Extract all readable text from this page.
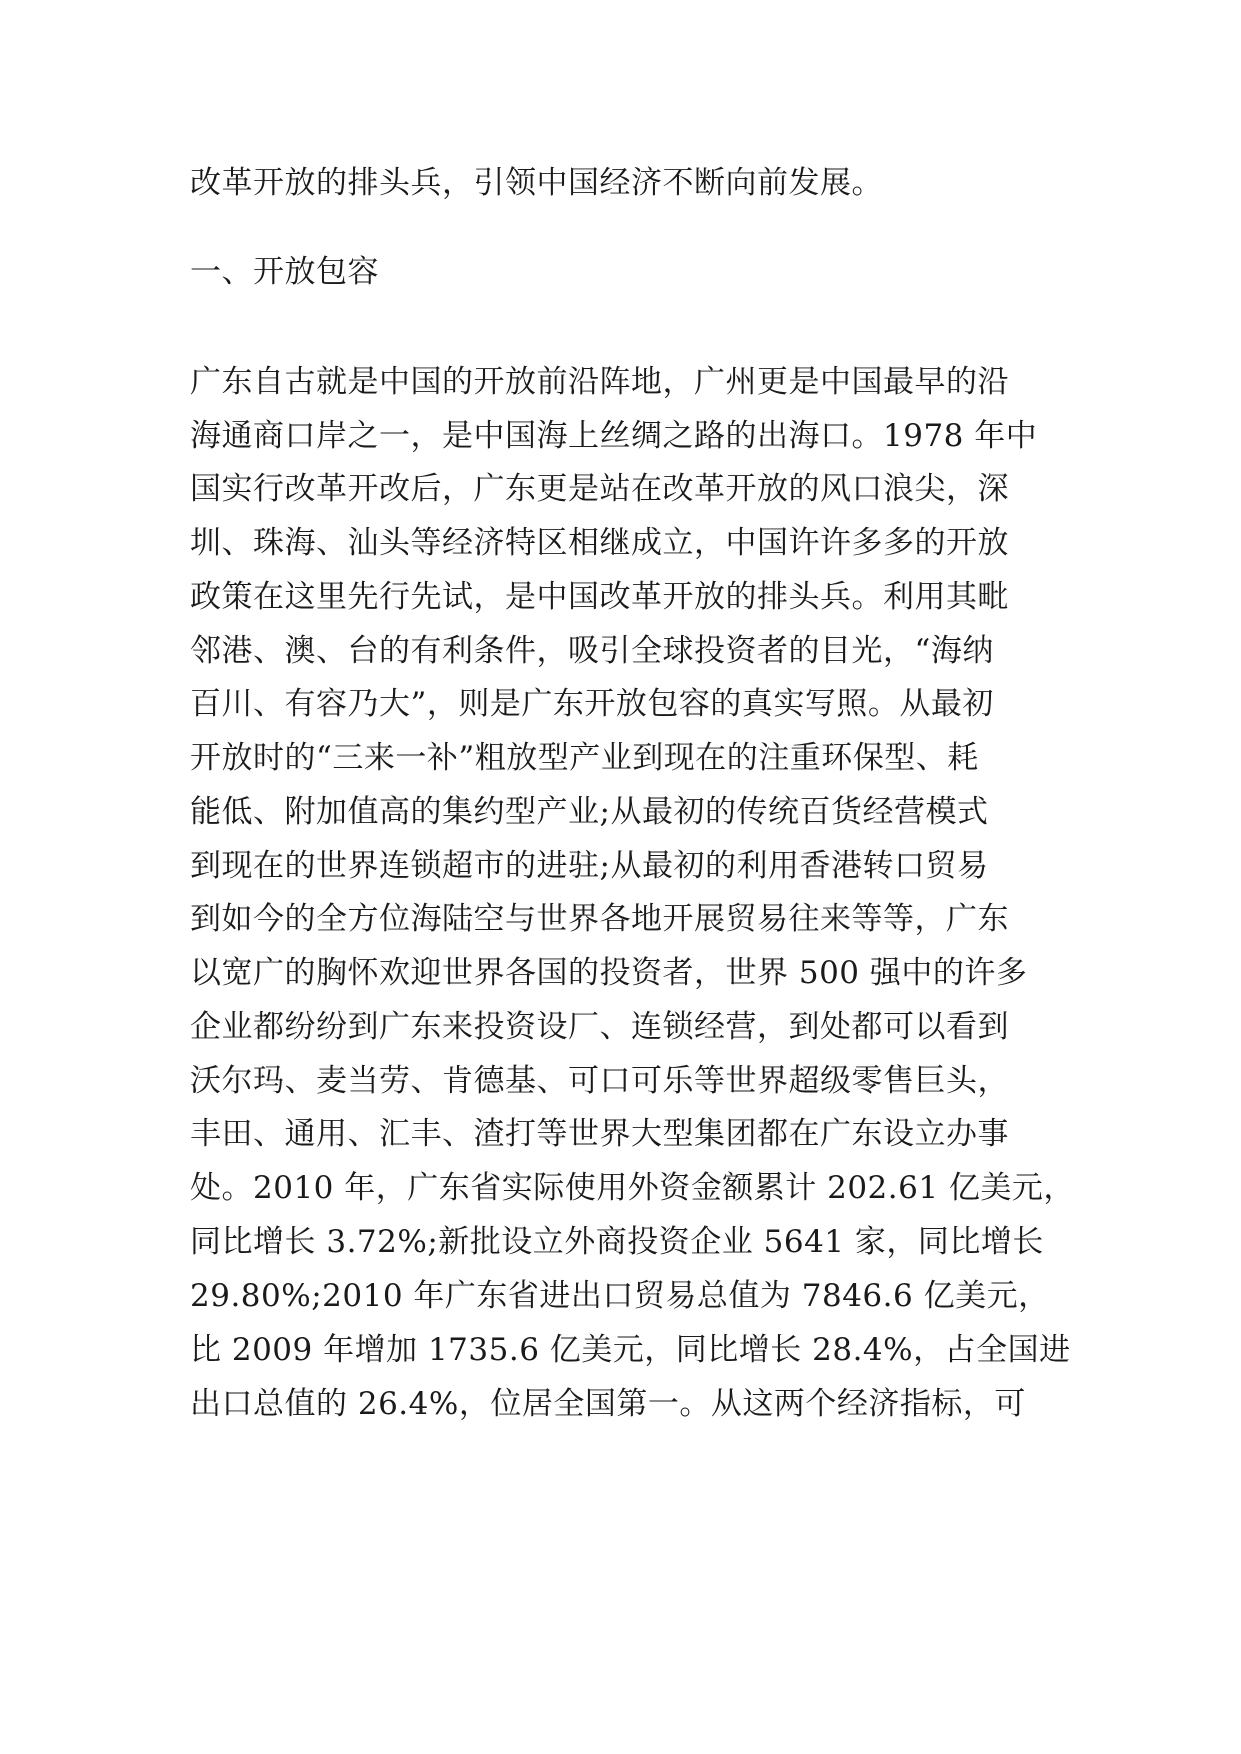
改革开放的排头兵，引领中国经济不断向前发展。
一、开放包容
广东自古就是中国的开放前沿阵地，广州更是中国最早的沿
海通商口岸之一，是中国海上丝绸之路的出海口。1978 年中
国实行改革开改后，广东更是站在改革开放的风口浪尖，深
圳、珠海、汕头等经济特区相继成立，中国许许多多的开放
政策在这里先行先试，是中国改革开放的排头兵。利用其毗
邻港、澳、台的有利条件，吸引全球投资者的目光，“海纳
百川、有容乃大”，则是广东开放包容的真实写照。从最初
开放时的“三来一补”粗放型产业到现在的注重环保型、耗
能低、附加值高的集约型产业;从最初的传统百货经营模式
到现在的世界连锁超市的进驻;从最初的利用香港转口贸易
到如今的全方位海陆空与世界各地开展贸易往来等等，广东
以宽广的胸怀欢迎世界各国的投资者，世界 500 强中的许多
企业都纷纷到广东来投资设厂、连锁经营，到处都可以看到
沃尔玛、麦当劳、肯德基、可口可乐等世界超级零售巨头，
丰田、通用、汇丰、渣打等世界大型集团都在广东设立办事
处。2010 年，广东省实际使用外资金额累计 202.61 亿美元，
同比增长 3.72%;新批设立外商投资企业 5641 家，同比增长
29.80%;2010 年广东省进出口贸易总值为 7846.6 亿美元，
比 2009 年增加 1735.6 亿美元，同比增长 28.4%，占全国进
出口总值的 26.4%，位居全国第一。从这两个经济指标，可
